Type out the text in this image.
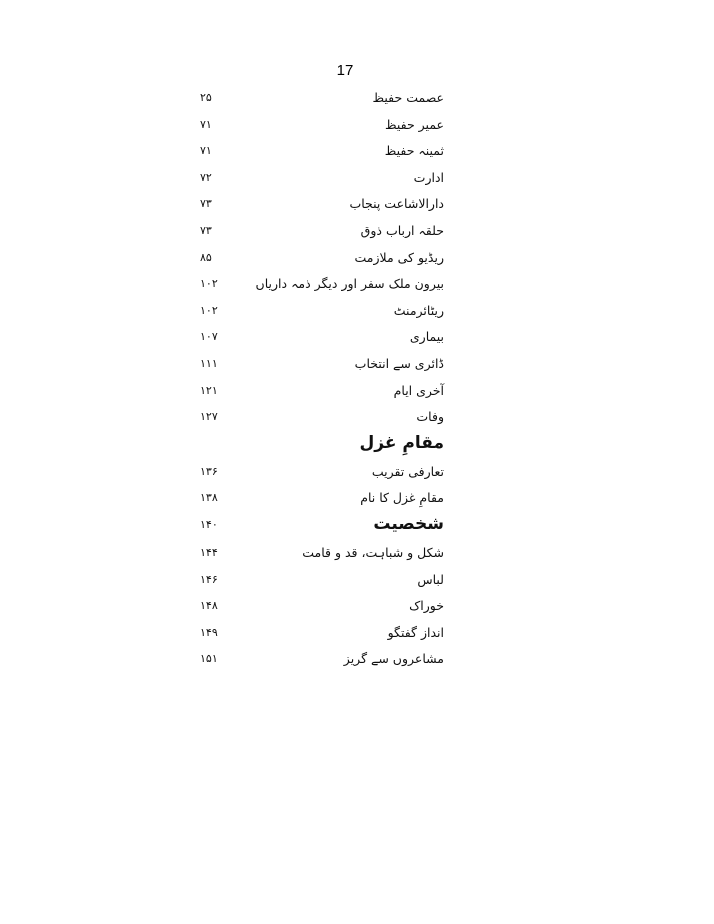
17
عصمت حفیظ
۲۵
عمیر حفیظ
۷۱
ثمینہ حفیظ
۷۱
ادارت
۷۲
دارالاشاعت پنجاب
۷۳
حلقہ ارباب ذوق
۷۳
ریڈیو کی ملازمت
۸۵
بیرون ملک سفر اور دیگر ذمہ داریاں
۱۰۲
ریٹائرمنٹ
۱۰۲
بیماری
۱۰۷
ڈائری سے انتخاب
۱۱۱
آخری ایام
۱۲۱
وفات
۱۲۷
مقامِ غزل
تعارفی تقریب
۱۳۶
مقامِ غزل کا نام
۱۳۸
شخصیت
۱۴۰
شکل و شباہت، قد و قامت
۱۴۴
لباس
۱۴۶
خوراک
۱۴۸
انداز گفتگو
۱۴۹
مشاعروں سے گریز
۱۵۱
